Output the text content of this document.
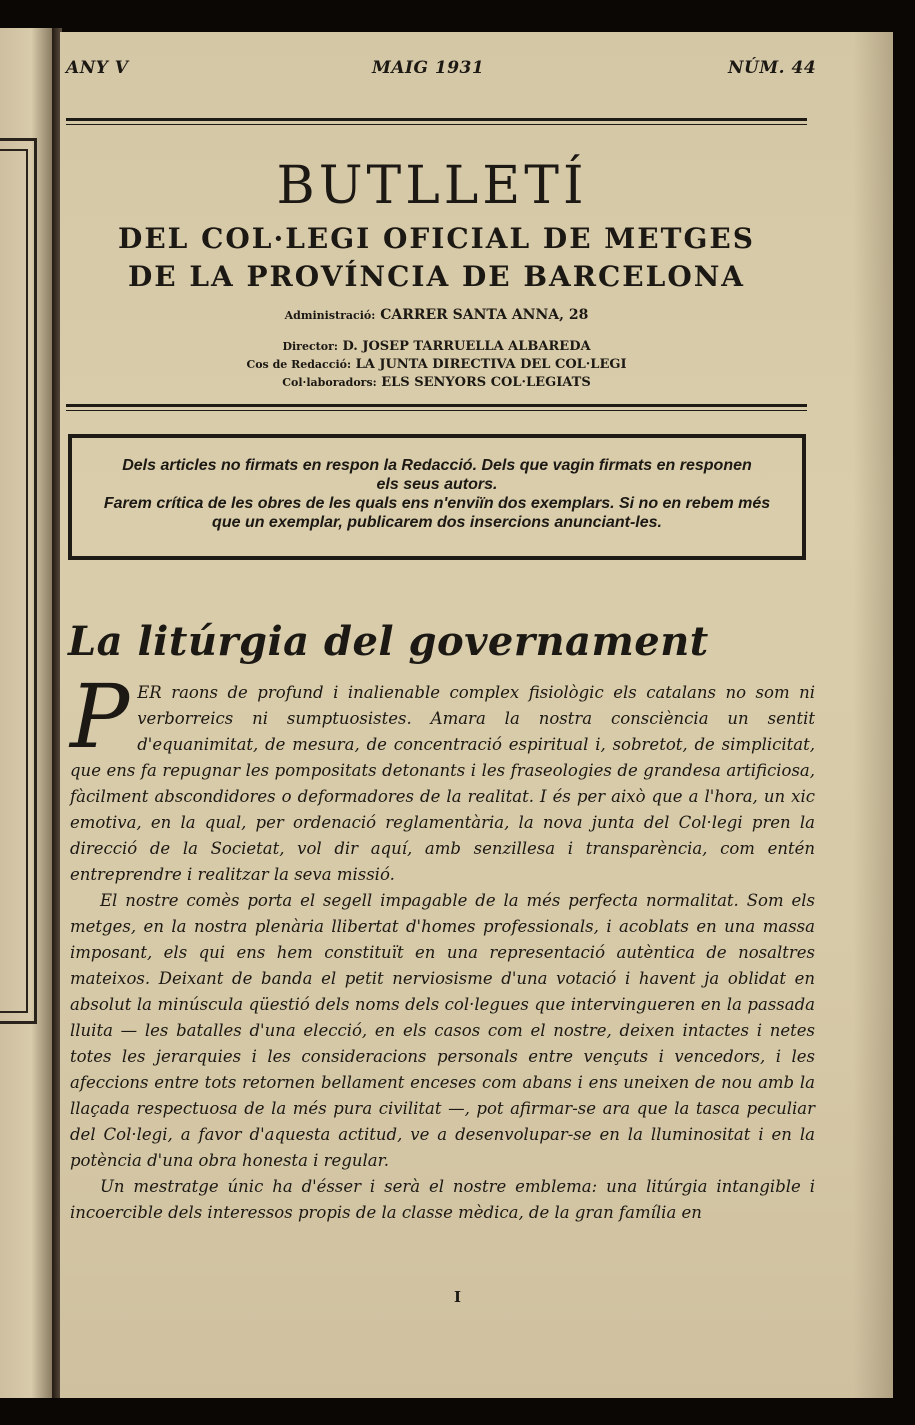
ANY V	MAIG 1931	NÚM. 44
BUTLLETÍ
DEL COL·LEGI OFICIAL DE METGES
DE LA PROVÍNCIA DE BARCELONA
Administració: CARRER SANTA ANNA, 28
Director: D. JOSEP TARRUELLA ALBAREDA
Cos de Redacció: LA JUNTA DIRECTIVA DEL COL·LEGI
Col·laboradors: ELS SENYORS COL·LEGIATS

Dels articles no firmats en respon la Redacció. Dels que vagin firmats en responen

els seus autors.

Farem crítica de les obres de les quals ens n'enviïn dos exemplars. Si no en rebem més

que un exemplar, publicarem dos insercions anunciant-les.

La litúrgia del governament

PER raons de profund i inalienable complex fisiològic els catalans no som ni verborreics ni sumptuosistes. Amara la nostra consciència un sentit d'equanimitat, de mesura, de concentració espiritual i, sobretot, de simplicitat, que ens fa repugnar les pompositats detonants i les fraseologies de grandesa artificiosa, fàcilment abscondidores o deformadores de la realitat. I és per això que a l'hora, un xic emotiva, en la qual, per ordenació reglamentària, la nova junta del Col·legi pren la direcció de la Societat, vol dir aquí, amb senzillesa i transparència, com entén entreprendre i realitzar la seva missió.

El nostre comès porta el segell impagable de la més perfecta normalitat. Som els metges, en la nostra plenària llibertat d'homes professionals, i acoblats en una massa imposant, els qui ens hem constituït en una representació autèntica de nosaltres mateixos. Deixant de banda el petit nerviosisme d'una votació i havent ja oblidat en absolut la minúscula qüestió dels noms dels col·legues que intervingueren en la passada lluita — les batalles d'una elecció, en els casos com el nostre, deixen intactes i netes totes les jerarquies i les consideracions personals entre vençuts i vencedors, i les afeccions entre tots retornen bellament enceses com abans i ens uneixen de nou amb la llaçada respectuosa de la més pura civilitat —, pot afirmar-se ara que la tasca peculiar del Col·legi, a favor d'aquesta actitud, ve a desenvolupar-se en la lluminositat i en la potència d'una obra honesta i regular.

Un mestratge únic ha d'ésser i serà el nostre emblema: una litúrgia intangible i incoercible dels interessos propis de la classe mèdica, de la gran família en

I
